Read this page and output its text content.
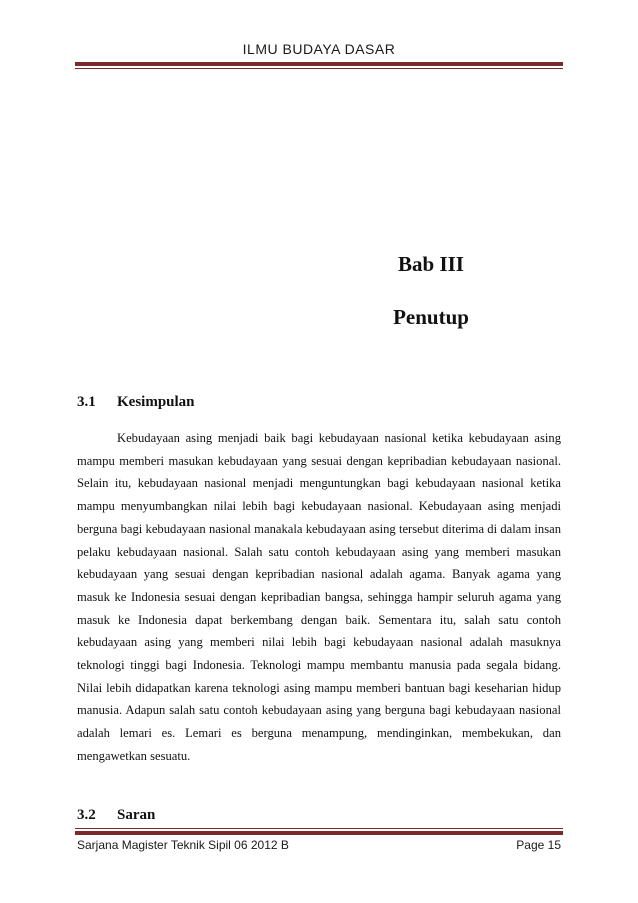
ILMU BUDAYA DASAR
Bab III
Penutup
3.1 Kesimpulan

Kebudayaan asing menjadi baik bagi kebudayaan nasional ketika kebudayaan asing mampu memberi masukan kebudayaan yang sesuai dengan kepribadian kebudayaan nasional. Selain itu, kebudayaan nasional menjadi menguntungkan bagi kebudayaan nasional ketika mampu menyumbangkan nilai lebih bagi kebudayaan nasional. Kebudayaan asing menjadi berguna bagi kebudayaan nasional manakala kebudayaan asing tersebut diterima di dalam insan pelaku kebudayaan nasional. Salah satu contoh kebudayaan asing yang memberi masukan kebudayaan yang sesuai dengan kepribadian nasional adalah agama. Banyak agama yang masuk ke Indonesia sesuai dengan kepribadian bangsa, sehingga hampir seluruh agama yang masuk ke Indonesia dapat berkembang dengan baik. Sementara itu, salah satu contoh kebudayaan asing yang memberi nilai lebih bagi kebudayaan nasional adalah masuknya teknologi tinggi bagi Indonesia. Teknologi mampu membantu manusia pada segala bidang. Nilai lebih didapatkan karena teknologi asing mampu memberi bantuan bagi keseharian hidup manusia. Adapun salah satu contoh kebudayaan asing yang berguna bagi kebudayaan nasional adalah lemari es. Lemari es berguna menampung, mendinginkan, membekukan, dan mengawetkan sesuatu.

3.2 Saran
Sarjana Magister Teknik Sipil 06 2012 B	Page 15
